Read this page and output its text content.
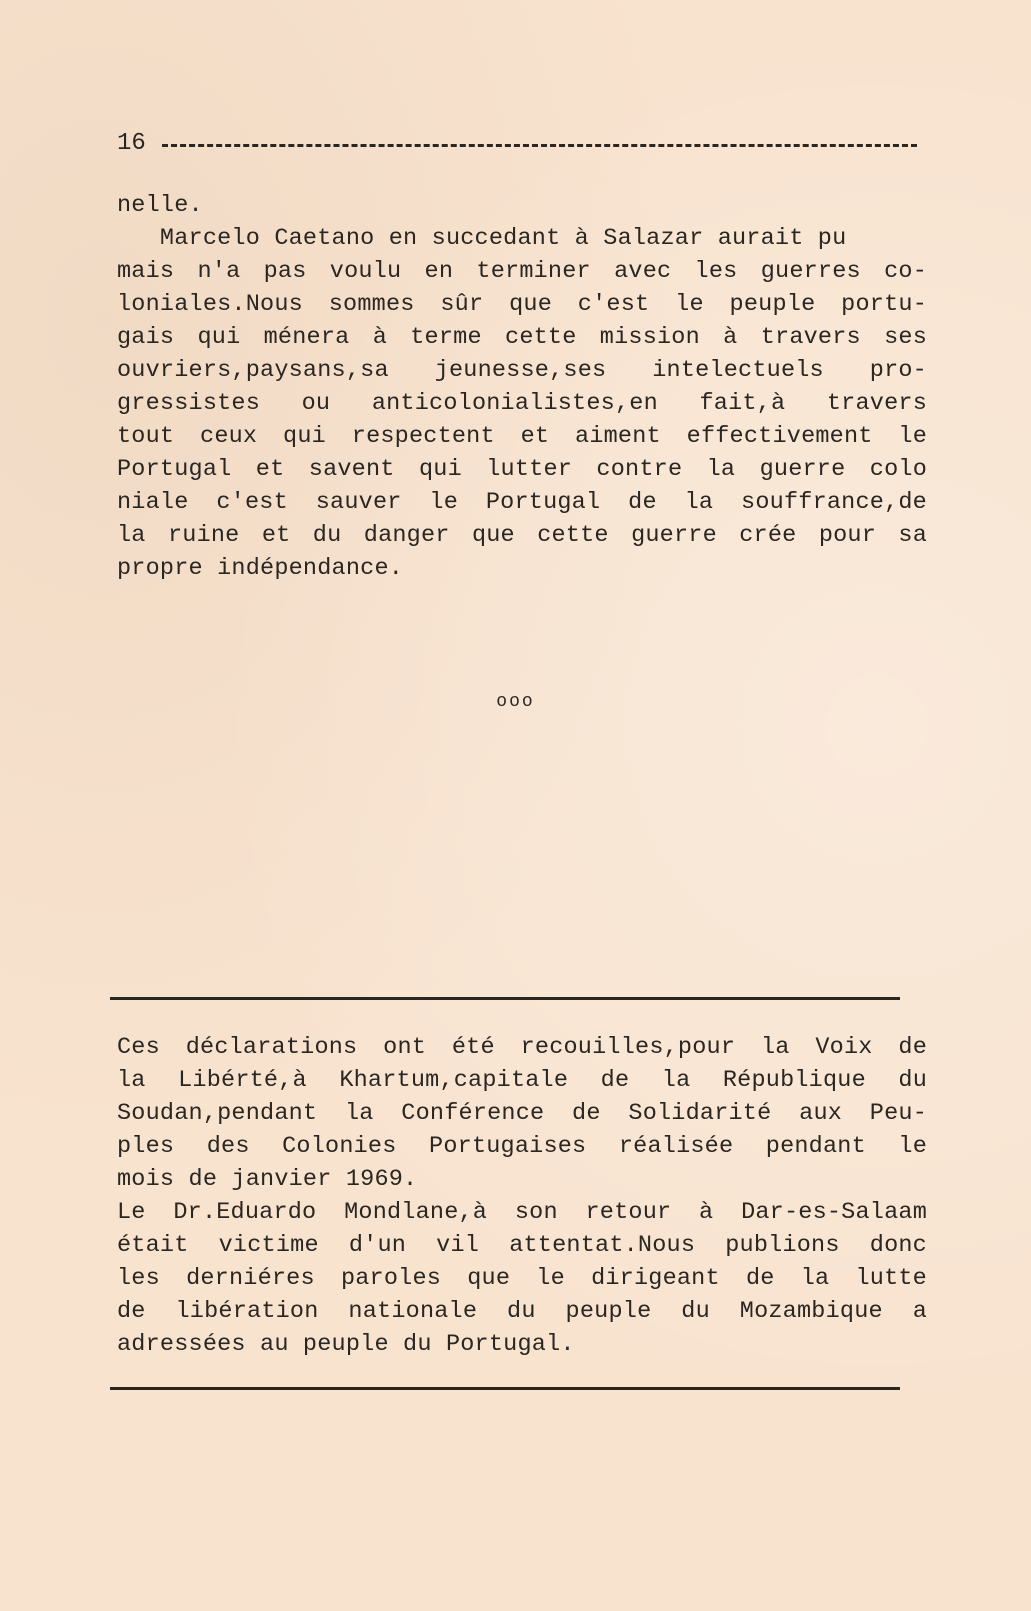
16

nelle.

Marcelo Caetano en succedant à Salazar aurait pu

mais n'a pas voulu en terminer avec les guerres co-

loniales.Nous sommes sûr que c'est le peuple portu-

gais qui ménera à terme cette mission à travers ses

ouvriers,paysans,sa jeunesse,ses intelectuels pro-

gressistes ou anticolonialistes,en fait,à travers

tout ceux qui respectent et aiment effectivement le

Portugal et savent qui lutter contre la guerre colo

niale c'est sauver le Portugal de la souffrance,de

la ruine et du danger que cette guerre crée pour sa

propre indépendance.

ooo

Ces déclarations ont été recouilles,pour la Voix de

la Libérté,à Khartum,capitale de la République du

Soudan,pendant la Conférence de Solidarité aux Peu-

ples des Colonies Portugaises réalisée pendant le

mois de janvier 1969.

Le Dr.Eduardo Mondlane,à son retour à Dar-es-Salaam

était victime d'un vil attentat.Nous publions donc

les derniéres paroles que le dirigeant de la lutte

de libération nationale du peuple du Mozambique a

adressées au peuple du Portugal.
